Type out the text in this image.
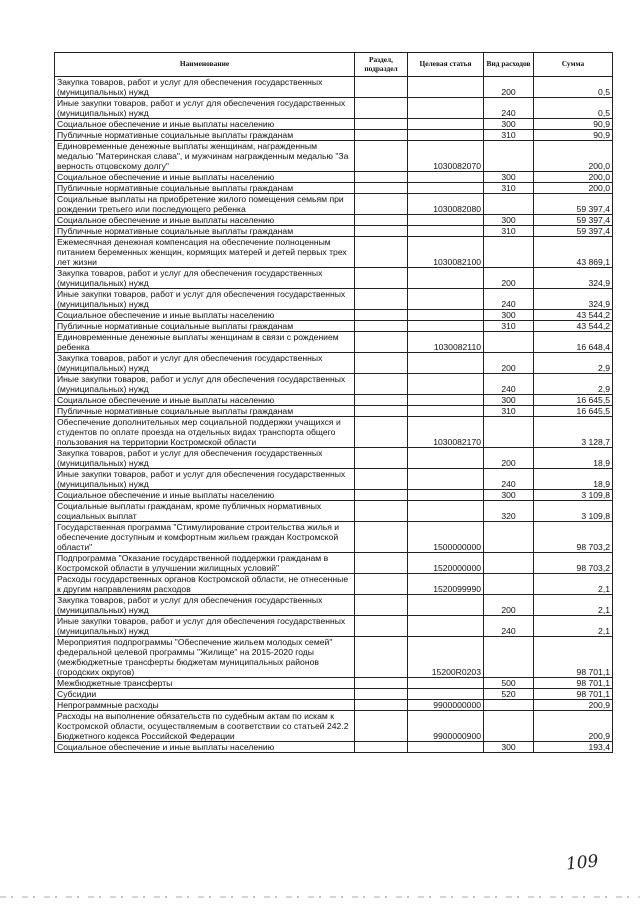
Наименование	Раздел, подраздел	Целевая статья	Вид расходов	Сумма
Закупка товаров, работ и услуг для обеспечения государственных (муниципальных) нужд			200	0,5
Иные закупки товаров, работ и услуг для обеспечения государственных (муниципальных) нужд			240	0,5
Социальное обеспечение и иные выплаты населению			300	90,9
Публичные нормативные социальные выплаты гражданам			310	90,9
Единовременные денежные выплаты женщинам, награжденным медалью "Материнская слава", и мужчинам награжденным медалью "За верность отцовскому долгу"		1030082070		200,0
Социальное обеспечение и иные выплаты населению			300	200,0
Публичные нормативные социальные выплаты гражданам			310	200,0
Социальные выплаты на приобретение жилого помещения семьям при рождении третьего или последующего ребенка		1030082080		59 397,4
Социальное обеспечение и иные выплаты населению			300	59 397,4
Публичные нормативные социальные выплаты гражданам			310	59 397,4
Ежемесячная денежная компенсация на обеспечение полноценным питанием беременных женщин, кормящих матерей и детей первых трех лет жизни		1030082100		43 869,1
Закупка товаров, работ и услуг для обеспечения государственных (муниципальных) нужд			200	324,9
Иные закупки товаров, работ и услуг для обеспечения государственных (муниципальных) нужд			240	324,9
Социальное обеспечение и иные выплаты населению			300	43 544,2
Публичные нормативные социальные выплаты гражданам			310	43 544,2
Единовременные денежные выплаты женщинам в связи с рождением ребенка		1030082110		16 648,4
Закупка товаров, работ и услуг для обеспечения государственных (муниципальных) нужд			200	2,9
Иные закупки товаров, работ и услуг для обеспечения государственных (муниципальных) нужд			240	2,9
Социальное обеспечение и иные выплаты населению			300	16 645,5
Публичные нормативные социальные выплаты гражданам			310	16 645,5
Обеспечение дополнительных мер социальной поддержки учащихся и студентов по оплате проезда на отдельных видах транспорта общего пользования на территории Костромской области		1030082170		3 128,7
Закупка товаров, работ и услуг для обеспечения государственных (муниципальных) нужд			200	18,9
Иные закупки товаров, работ и услуг для обеспечения государственных (муниципальных) нужд			240	18,9
Социальное обеспечение и иные выплаты населению			300	3 109,8
Социальные выплаты гражданам, кроме публичных нормативных социальных выплат			320	3 109,8
Государственная программа "Стимулирование строительства жилья и обеспечение доступным и комфортным жильем граждан Костромской области"		1500000000		98 703,2
Подпрограмма "Оказание государственной поддержки гражданам в Костромской области в улучшении жилищных условий"		1520000000		98 703,2
Расходы государственных органов Костромской области, не отнесенные к другим направлениям расходов		1520099990		2,1
Закупка товаров, работ и услуг для обеспечения государственных (муниципальных) нужд			200	2,1
Иные закупки товаров, работ и услуг для обеспечения государственных (муниципальных) нужд			240	2,1
Мероприятия подпрограммы "Обеспечение жильем молодых семей" федеральной целевой программы "Жилище" на 2015-2020 годы (межбюджетные трансферты бюджетам муниципальных районов (городских округов)		15200R0203		98 701,1
Межбюджетные трансферты			500	98 701,1
Субсидии			520	98 701,1
Непрограммные расходы		9900000000		200,9
Расходы на выполнение обязательств по судебным актам по искам к Костромской области, осуществляемым в соответствии со статьей 242.2 Бюджетного кодекса Российской Федерации		9900000900		200,9
Социальное обеспечение и иные выплаты населению			300	193,4
109
